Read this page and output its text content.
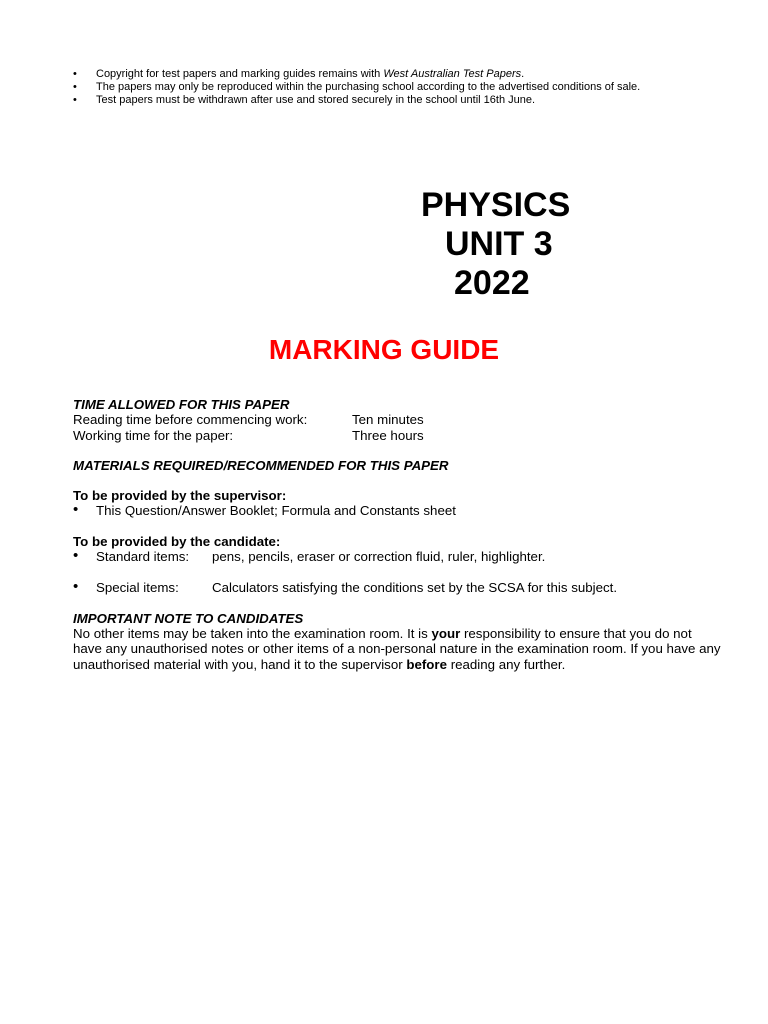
• Copyright for test papers and marking guides remains with West Australian Test Papers.
• The papers may only be reproduced within the purchasing school according to the advertised conditions of sale.
• Test papers must be withdrawn after use and stored securely in the school until 16th June.
PHYSICS
UNIT 3
2022
MARKING GUIDE
TIME ALLOWED FOR THIS PAPER
Reading time before commencing work:	Ten minutes
Working time for the paper:	Three hours
MATERIALS REQUIRED/RECOMMENDED FOR THIS PAPER
To be provided by the supervisor:
• This Question/Answer Booklet; Formula and Constants sheet
To be provided by the candidate:
• Standard items: pens, pencils, eraser or correction fluid, ruler, highlighter.
• Special items: Calculators satisfying the conditions set by the SCSA for this subject.
IMPORTANT NOTE TO CANDIDATES
No other items may be taken into the examination room. It is your responsibility to ensure that you do not have any unauthorised notes or other items of a non-personal nature in the examination room. If you have any unauthorised material with you, hand it to the supervisor before reading any further.
